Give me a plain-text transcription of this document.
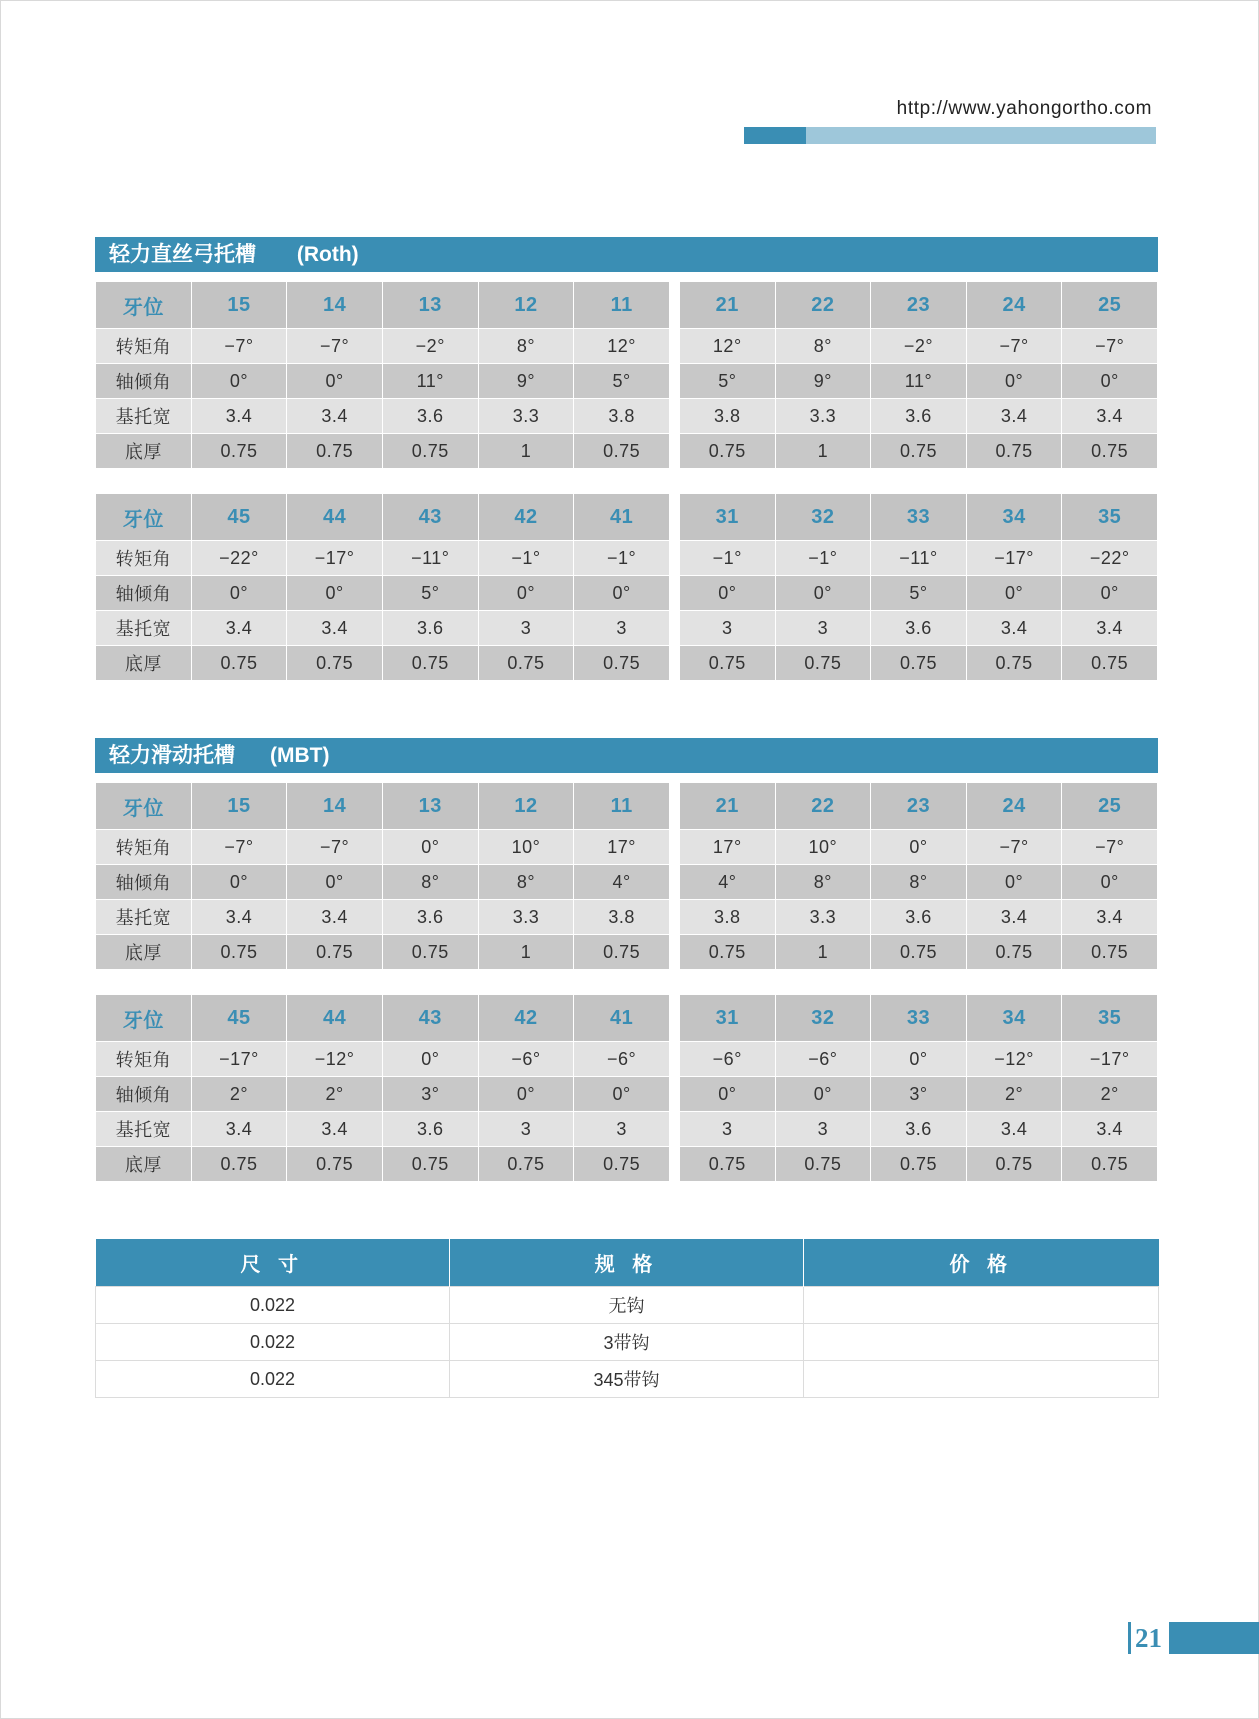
http://www.yahongortho.com
轻力直丝弓托槽       (Roth)
牙位	15	14	13	12	11
转矩角	−7°	−7°	−2°	8°	12°
轴倾角	0°	0°	11°	9°	5°
基托宽	3.4	3.4	3.6	3.3	3.8
底厚	0.75	0.75	0.75	1	0.75
21	22	23	24	25
12°	8°	−2°	−7°	−7°
5°	9°	11°	0°	0°
3.8	3.3	3.6	3.4	3.4
0.75	1	0.75	0.75	0.75
牙位	45	44	43	42	41
转矩角	−22°	−17°	−11°	−1°	−1°
轴倾角	0°	0°	5°	0°	0°
基托宽	3.4	3.4	3.6	3	3
底厚	0.75	0.75	0.75	0.75	0.75
31	32	33	34	35
−1°	−1°	−11°	−17°	−22°
0°	0°	5°	0°	0°
3	3	3.6	3.4	3.4
0.75	0.75	0.75	0.75	0.75
轻力滑动托槽      (MBT)
牙位	15	14	13	12	11
转矩角	−7°	−7°	0°	10°	17°
轴倾角	0°	0°	8°	8°	4°
基托宽	3.4	3.4	3.6	3.3	3.8
底厚	0.75	0.75	0.75	1	0.75
21	22	23	24	25
17°	10°	0°	−7°	−7°
4°	8°	8°	0°	0°
3.8	3.3	3.6	3.4	3.4
0.75	1	0.75	0.75	0.75
牙位	45	44	43	42	41
转矩角	−17°	−12°	0°	−6°	−6°
轴倾角	2°	2°	3°	0°	0°
基托宽	3.4	3.4	3.6	3	3
底厚	0.75	0.75	0.75	0.75	0.75
31	32	33	34	35
−6°	−6°	0°	−12°	−17°
0°	0°	3°	2°	2°
3	3	3.6	3.4	3.4
0.75	0.75	0.75	0.75	0.75
尺 寸	规 格	价 格
0.022	无钩	
0.022	3带钩	
0.022	345带钩	
21
